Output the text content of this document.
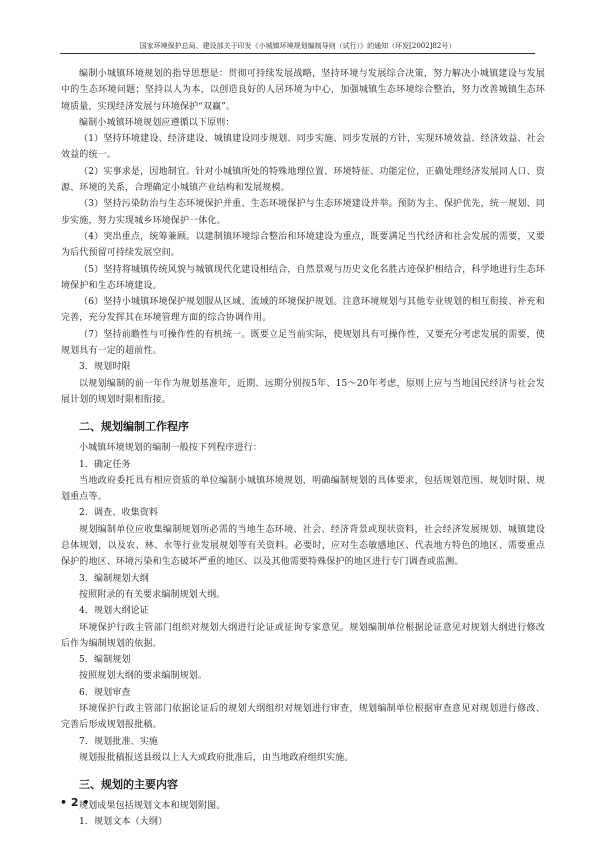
国家环境保护总局、建设部关于印发《小城镇环境规划编制导则（试行）》的通知（环发[2002]82号）
编制小城镇环境规划的指导思想是：贯彻可持续发展战略，坚持环境与发展综合决策，努力解决小城镇建设与发展中的生态环境问题；坚持以人为本，以创造良好的人居环境为中心，加强城镇生态环境综合整治，努力改善城镇生态环境质量，实现经济发展与环境保护“双赢”。
编制小城镇环境规划应遵循以下原则：
（1）坚持环境建设、经济建设、城镇建设同步规划、同步实施、同步发展的方针，实现环境效益、经济效益、社会效益的统一。
（2）实事求是，因地制宜。针对小城镇所处的特殊地理位置、环境特征、功能定位，正确处理经济发展同人口、资源、环境的关系，合理确定小城镇产业结构和发展规模。
（3）坚持污染防治与生态环境保护并重、生态环境保护与生态环境建设并举。预防为主、保护优先，统一规划、同步实施，努力实现城乡环境保护一体化。
（4）突出重点，统筹兼顾。以建制镇环境综合整治和环境建设为重点，既要满足当代经济和社会发展的需要，又要为后代预留可持续发展空间。
（5）坚持将城镇传统风貌与城镇现代化建设相结合，自然景观与历史文化名胜古迹保护相结合，科学地进行生态环境保护和生态环境建设。
（6）坚持小城镇环境保护规划服从区域、流域的环境保护规划。注意环境规划与其他专业规划的相互衔接、补充和完善，充分发挥其在环境管理方面的综合协调作用。
（7）坚持前瞻性与可操作性的有机统一。既要立足当前实际，使规划具有可操作性，又要充分考虑发展的需要，使规划具有一定的超前性。
3．规划时限
以规划编制的前一年作为规划基准年，近期、远期分别按5年、15～20年考虑，原则上应与当地国民经济与社会发展计划的规划时限相衔接。
二、规划编制工作程序
小城镇环境规划的编制一般按下列程序进行：
1．确定任务
当地政府委托具有相应资质的单位编制小城镇环境规划，明确编制规划的具体要求，包括规划范围、规划时限、规划重点等。
2．调查、收集资料
规划编制单位应收集编制规划所必需的当地生态环境、社会、经济背景或现状资料，社会经济发展规划、城镇建设总体规划，以及农、林、水等行业发展规划等有关资料。必要时，应对生态敏感地区、代表地方特色的地区、需要重点保护的地区、环境污染和生态破坏严重的地区、以及其他需要特殊保护的地区进行专门调查或监测。
3．编制规划大纲
按照附录的有关要求编制规划大纲。
4．规划大纲论证
环境保护行政主管部门组织对规划大纲进行论证或征询专家意见。规划编制单位根据论证意见对规划大纲进行修改后作为编制规划的依据。
5．编制规划
按照规划大纲的要求编制规划。
6．规划审查
环境保护行政主管部门依据论证后的规划大纲组织对规划进行审查，规划编制单位根据审查意见对规划进行修改、完善后形成规划报批稿。
7．规划批准、实施
规划报批稿报送县级以上人大或政府批准后，由当地政府组织实施。
三、规划的主要内容
规划成果包括规划文本和规划附图。
1．规划文本（大纲）
• 2 •
